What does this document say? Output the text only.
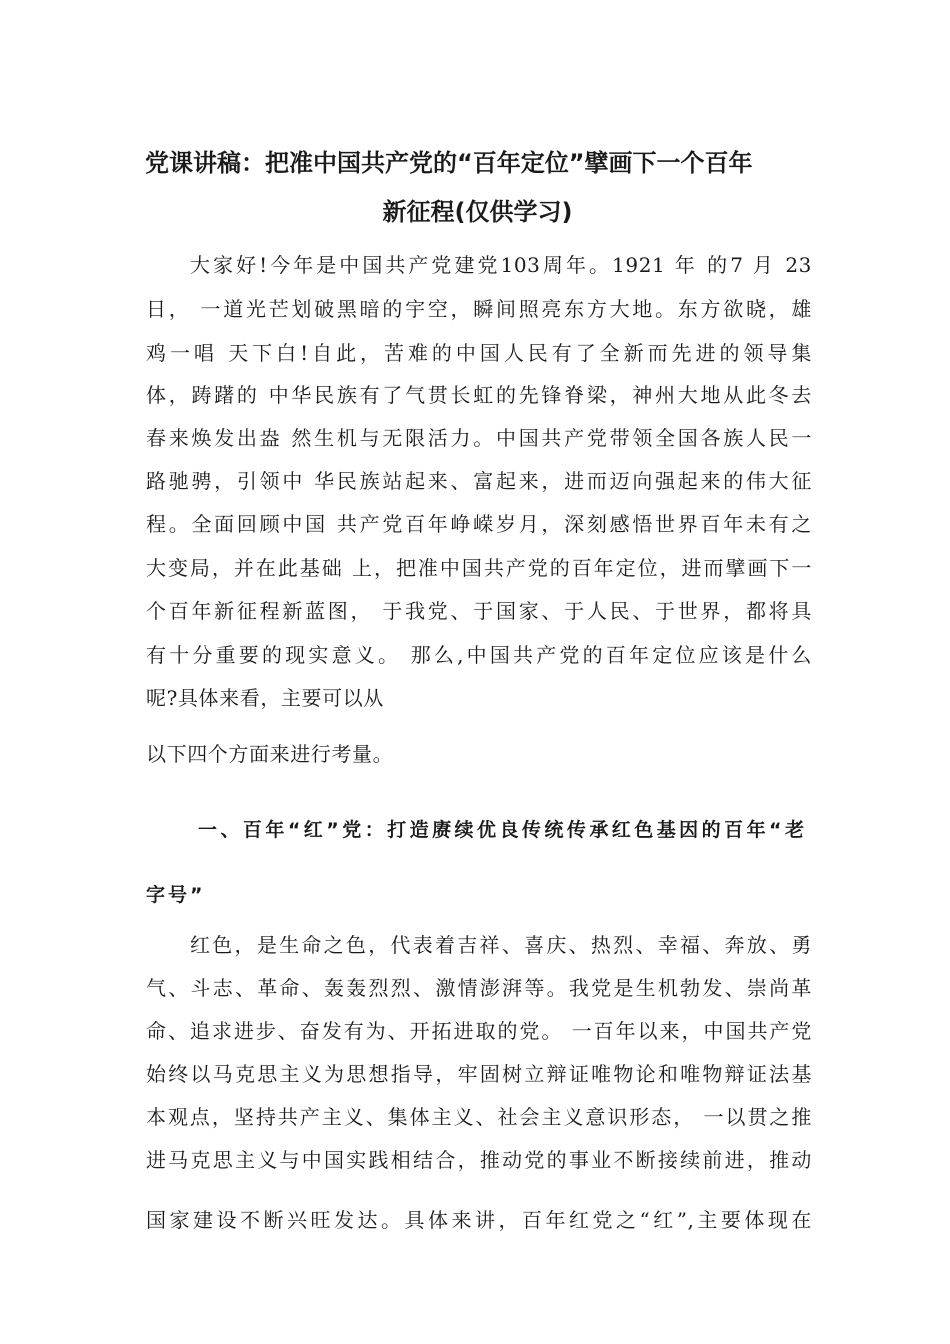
党课讲稿：把准中国共产党的“百年定位”擘画下一个百年
新征程(仅供学习)

大家好!今年是中国共产党建党103周年。1921 年 的7 月 23

日， 一道光芒划破黑暗的宇空，瞬间照亮东方大地。东方欲晓，雄

鸡一唱 天下白!自此，苦难的中国人民有了全新而先进的领导集

体，踌躇的 中华民族有了气贯长虹的先锋脊梁，神州大地从此冬去

春来焕发出盎 然生机与无限活力。中国共产党带领全国各族人民一

路驰骋，引领中 华民族站起来、富起来，进而迈向强起来的伟大征

程。全面回顾中国 共产党百年峥嵘岁月，深刻感悟世界百年未有之

大变局，并在此基础 上，把准中国共产党的百年定位，进而擘画下一

个百年新征程新蓝图， 于我党、于国家、于人民、于世界，都将具

有十分重要的现实意义。 那么,中国共产党的百年定位应该是什么

呢?具体来看，主要可以从

以下四个方面来进行考量。

一、百年“红”党：打造赓续优良传统传承红色基因的百年“老
字号”

红色，是生命之色，代表着吉祥、喜庆、热烈、幸福、奔放、勇

气、斗志、革命、轰轰烈烈、激情澎湃等。我党是生机勃发、崇尚革

命、追求进步、奋发有为、开拓进取的党。 一百年以来，中国共产党

始终以马克思主义为思想指导，牢固树立辩证唯物论和唯物辩证法基

本观点，坚持共产主义、集体主义、社会主义意识形态， 一以贯之推

进马克思主义与中国实践相结合，推动党的事业不断接续前进，推动

国家建设不断兴旺发达。具体来讲，百年红党之“红”,主要体现在
